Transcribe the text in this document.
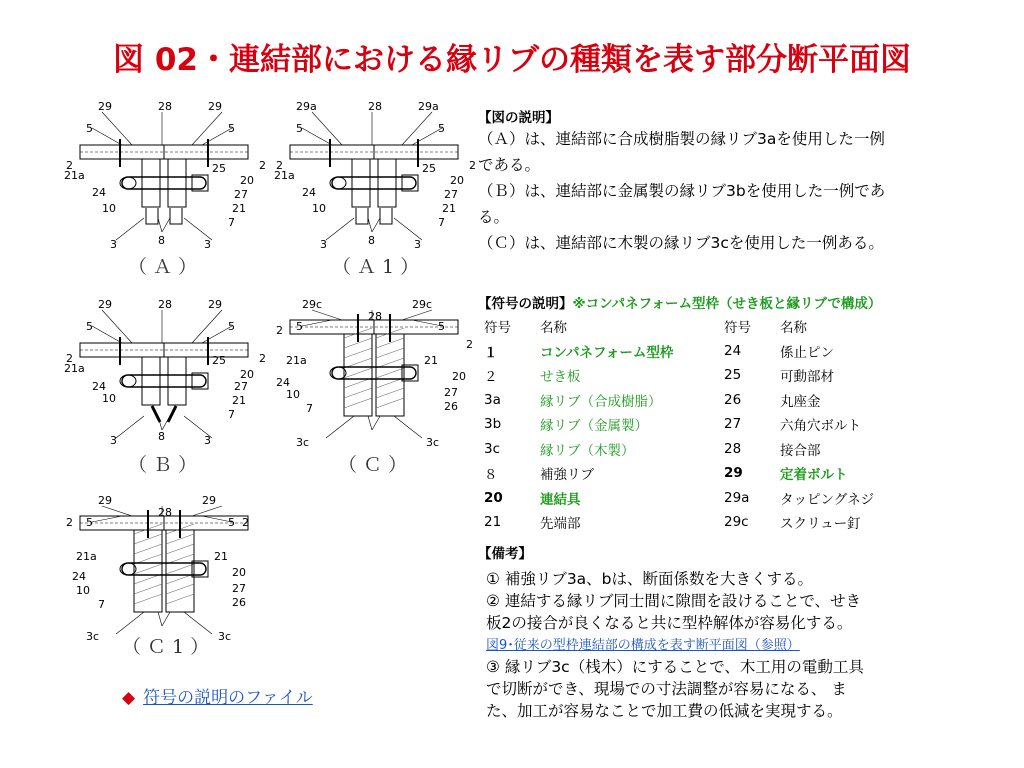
図 02・連結部における縁リブの種類を表す部分断平面図
28
29	29
5	5
2	2
21a	20
25
24	27
10	21
7
3	8	3
（Ａ）
28
29a	29a
5	5
2	2
21a	20
25
24	27
10	21
7
3	8	3
（Ａ1）
28
29	29
5	5
2	2
21a	20
25
24	27
10	21
7
3	8	3
（Ｂ）
28
29c	29c
5	5
2
2
21a
20
21
24
27
10
26
7
3c	3c
（Ｃ）
28
29	29
5	5
2	2
21a
20
21
24
27
10
26
7
3c	3c
（Ｃ1）
【図の説明】
（Ａ）は、連結部に合成樹脂製の縁リブ3aを使用した一例
である。
（Ｂ）は、連結部に金属製の縁リブ3bを使用した一例であ
る。
（Ｃ）は、連結部に木製の縁リブ3cを使用した一例ある。
【符号の説明】※コンパネフォーム型枠（せき板と縁リブで構成）
符号	名称	符号	名称
１	コンパネフォーム型枠	24	係止ピン
２	せき板	25	可動部材
3a	縁リブ（合成樹脂）	26	丸座金
3b	縁リブ（金属製）	27	六角穴ボルト
3c	縁リブ（木製）	28	接合部
８	補強リブ	29	定着ボルト
20	連結具	29a	タッピングネジ
21	先端部	29c	スクリュー釘
【備考】
① 補強リブ3a、bは、断面係数を大きくする。
② 連結する縁リブ同士間に隙間を設けることで、せき
板2の接合が良くなると共に型枠解体が容易化する。
図9･従来の型枠連結部の構成を表す断平面図（参照）
③ 縁リブ3c（桟木）にすることで、木工用の電動工具
で切断ができ、現場での寸法調整が容易になる、 ま
た、加工が容易なことで加工費の低減を実現する。
◆ 符号の説明のファイル
